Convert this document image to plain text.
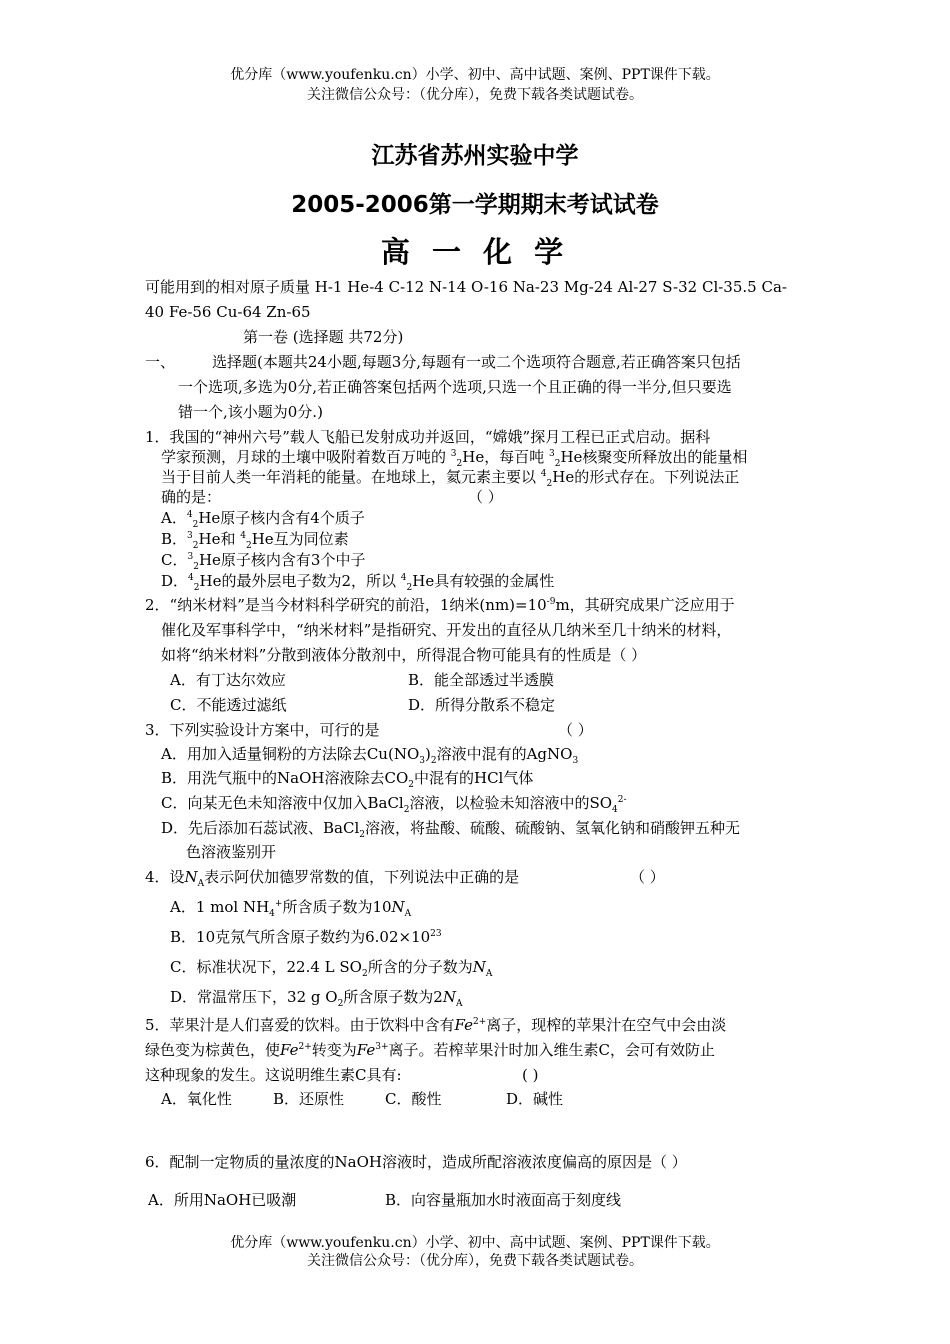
优分库（www.youfenku.cn）小学、初中、高中试题、案例、PPT课件下载。
关注微信公众号：（优分库），免费下载各类试题试卷。
江苏省苏州实验中学
2005-2006第一学期期末考试试卷
高 一 化 学
可能用到的相对原子质量 H-1 He-4 C-12 N-14 O-16 Na-23 Mg-24 Al-27 S-32 Cl-35.5 Ca-
40 Fe-56 Cu-64 Zn-65
第一卷 (选择题 共72分)
一、 选择题(本题共24小题,每题3分,每题有一或二个选项符合题意,若正确答案只包括
一个选项,多选为0分,若正确答案包括两个选项,只选一个且正确的得一半分,但只要选
错一个,该小题为0分.)
1．我国的“神州六号”载人飞船已发射成功并返回，“嫦娥”探月工程已正式启动。据科
学家预测，月球的土壤中吸附着数百万吨的 $^3_2$He，每百吨 $^3_2$He核聚变所释放出的能量相
当于目前人类一年消耗的能量。在地球上，氦元素主要以 $^4_2$He的形式存在。下列说法正
确的是：	（ ）
A．$^4_2$He原子核内含有4个质子
B．$^3_2$He和 $^4_2$He互为同位素
C．$^3_2$He原子核内含有3个中子
D．$^4_2$He的最外层电子数为2，所以 $^4_2$He具有较强的金属性
2．“纳米材料”是当今材料科学研究的前沿，1纳米$(nm)=10^{-9}m$，其研究成果广泛应用于
催化及军事科学中，“纳米材料”是指研究、开发出的直径从几纳米至几十纳米的材料，
如将“纳米材料”分散到液体分散剂中，所得混合物可能具有的性质是（ ）
A．有丁达尔效应	B．能全部透过半透膜
C．不能透过滤纸	D．所得分散系不稳定
3．下列实验设计方案中，可行的是	（ ）
A．用加入适量铜粉的方法除去$Cu(NO_3)_2$溶液中混有的AgNO$_3$
B．用洗气瓶中的NaOH溶液除去$CO_2$中混有的HCl气体
C．向某无色未知溶液中仅加入BaCl$_2$溶液，以检验未知溶液中的$SO_4^{2-}$
D．先后添加石蕊试液、BaCl$_2$溶液，将盐酸、硫酸、硫酸钠、氢氧化钠和硝酸钾五种无
色溶液鉴别开
4．设$N_A$表示阿伏加德罗常数的值，下列说法中正确的是	（ ）
A．1 mol $NH_4^+$所含质子数为$10N_A$
B．10克氖气所含原子数约为$6.02\times 10^{23}$
C．标准状况下，22.4 L $SO_2$所含的分子数为$N_A$
D．常温常压下，32 g $O_2$所含原子数为$2N_A$
5．苹果汁是人们喜爱的饮料。由于饮料中含有$Fe^{2+}$离子，现榨的苹果汁在空气中会由淡
绿色变为棕黄色，使$Fe^{2+}$转变为$Fe^{3+}$离子。若榨苹果汁时加入维生素C，会可有效防止
这种现象的发生。这说明维生素C具有:	( )
A．氧化性	B．还原性	C．酸性	D．碱性
6．配制一定物质的量浓度的NaOH溶液时，造成所配溶液浓度偏高的原因是（ ）
A．所用NaOH已吸潮	B．向容量瓶加水时液面高于刻度线
优分库（www.youfenku.cn）小学、初中、高中试题、案例、PPT课件下载。
关注微信公众号：（优分库），免费下载各类试题试卷。
